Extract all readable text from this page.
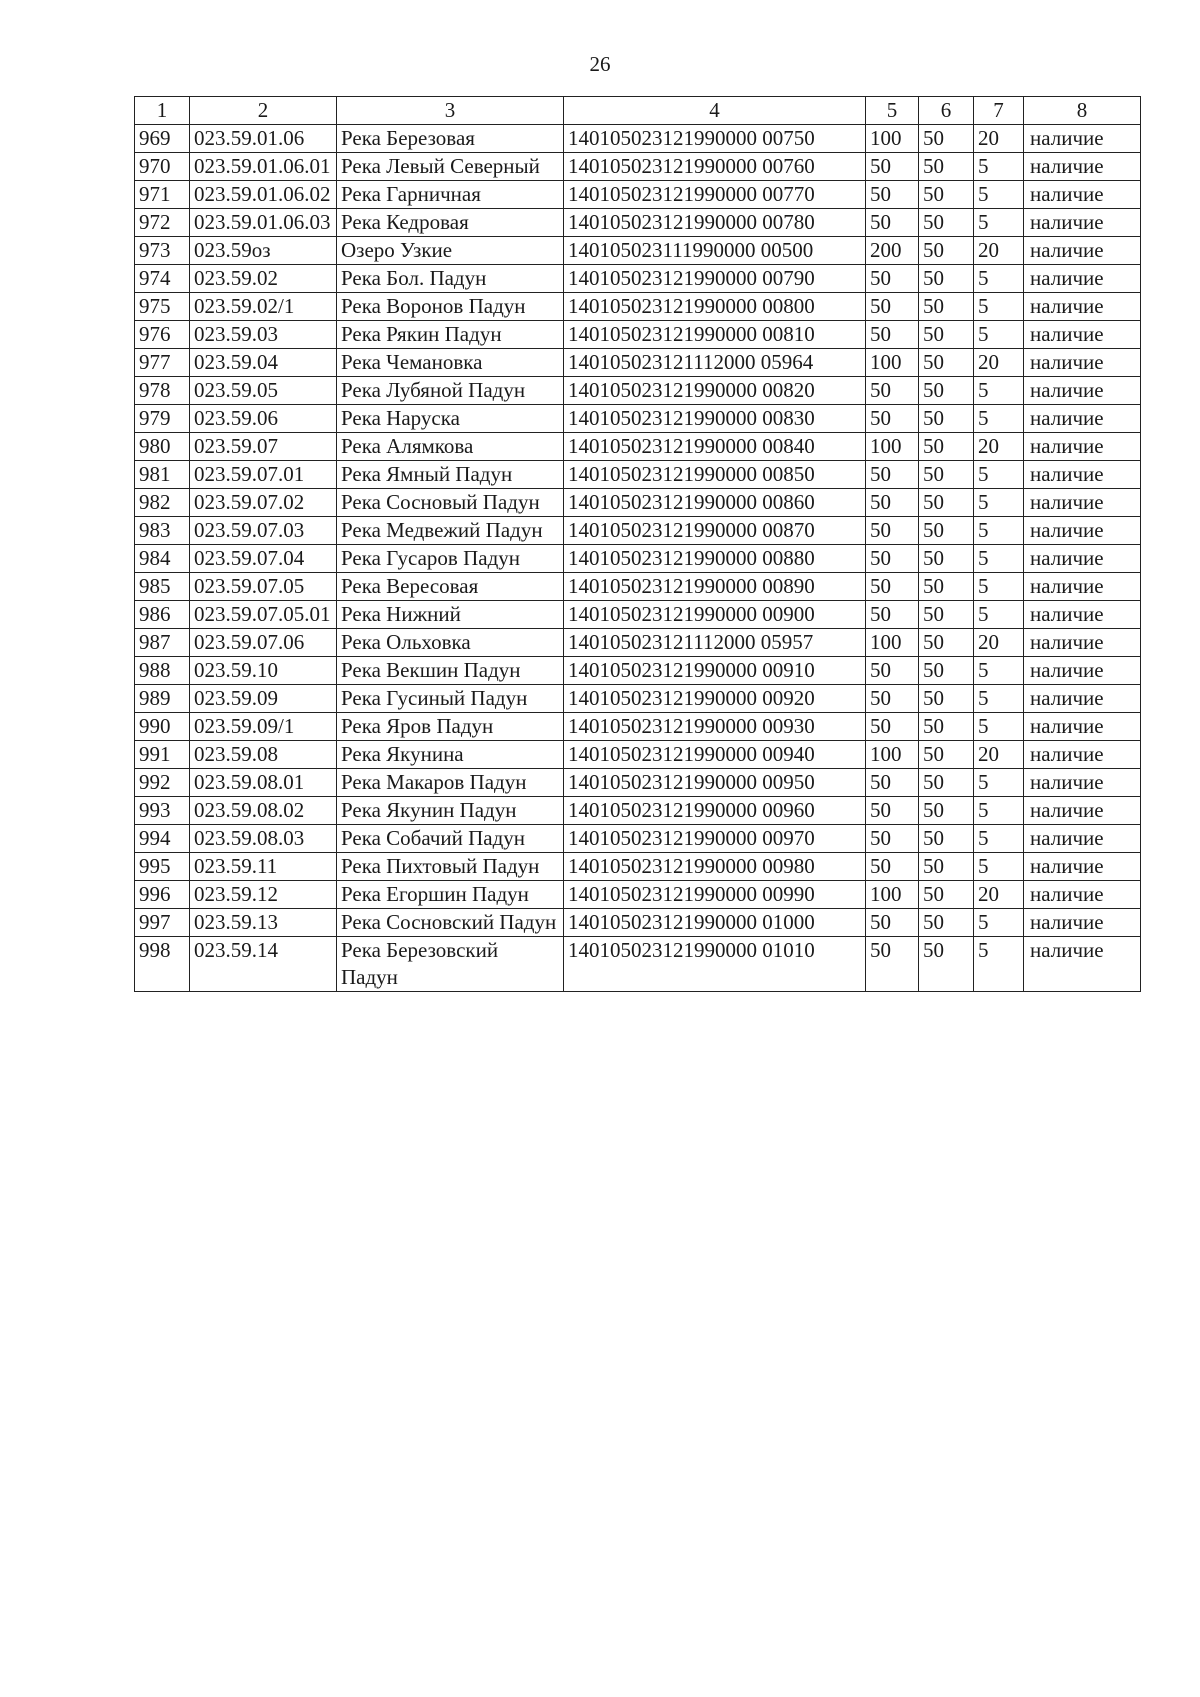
26
1	2	3	4	5	6	7	8
969	023.59.01.06	Река Березовая	140105023121990000 00750	100	50	20	наличие
970	023.59.01.06.01	Река Левый Северный	140105023121990000 00760	50	50	5	наличие
971	023.59.01.06.02	Река Гарничная	140105023121990000 00770	50	50	5	наличие
972	023.59.01.06.03	Река Кедровая	140105023121990000 00780	50	50	5	наличие
973	023.59оз	Озеро Узкие	140105023111990000 00500	200	50	20	наличие
974	023.59.02	Река Бол. Падун	140105023121990000 00790	50	50	5	наличие
975	023.59.02/1	Река Воронов Падун	140105023121990000 00800	50	50	5	наличие
976	023.59.03	Река Рякин Падун	140105023121990000 00810	50	50	5	наличие
977	023.59.04	Река Чемановка	140105023121112000 05964	100	50	20	наличие
978	023.59.05	Река Лубяной Падун	140105023121990000 00820	50	50	5	наличие
979	023.59.06	Река Наруска	140105023121990000 00830	50	50	5	наличие
980	023.59.07	Река Алямкова	140105023121990000 00840	100	50	20	наличие
981	023.59.07.01	Река Ямный Падун	140105023121990000 00850	50	50	5	наличие
982	023.59.07.02	Река Сосновый Падун	140105023121990000 00860	50	50	5	наличие
983	023.59.07.03	Река Медвежий Падун	140105023121990000 00870	50	50	5	наличие
984	023.59.07.04	Река Гусаров Падун	140105023121990000 00880	50	50	5	наличие
985	023.59.07.05	Река Вересовая	140105023121990000 00890	50	50	5	наличие
986	023.59.07.05.01	Река Нижний	140105023121990000 00900	50	50	5	наличие
987	023.59.07.06	Река Ольховка	140105023121112000 05957	100	50	20	наличие
988	023.59.10	Река Векшин Падун	140105023121990000 00910	50	50	5	наличие
989	023.59.09	Река Гусиный Падун	140105023121990000 00920	50	50	5	наличие
990	023.59.09/1	Река Яров Падун	140105023121990000 00930	50	50	5	наличие
991	023.59.08	Река Якунина	140105023121990000 00940	100	50	20	наличие
992	023.59.08.01	Река Макаров Падун	140105023121990000 00950	50	50	5	наличие
993	023.59.08.02	Река Якунин Падун	140105023121990000 00960	50	50	5	наличие
994	023.59.08.03	Река Собачий Падун	140105023121990000 00970	50	50	5	наличие
995	023.59.11	Река Пихтовый Падун	140105023121990000 00980	50	50	5	наличие
996	023.59.12	Река Егоршин Падун	140105023121990000 00990	100	50	20	наличие
997	023.59.13	Река Сосновский Падун	140105023121990000 01000	50	50	5	наличие
998	023.59.14	Река Березовский Падун	140105023121990000 01010	50	50	5	наличие
